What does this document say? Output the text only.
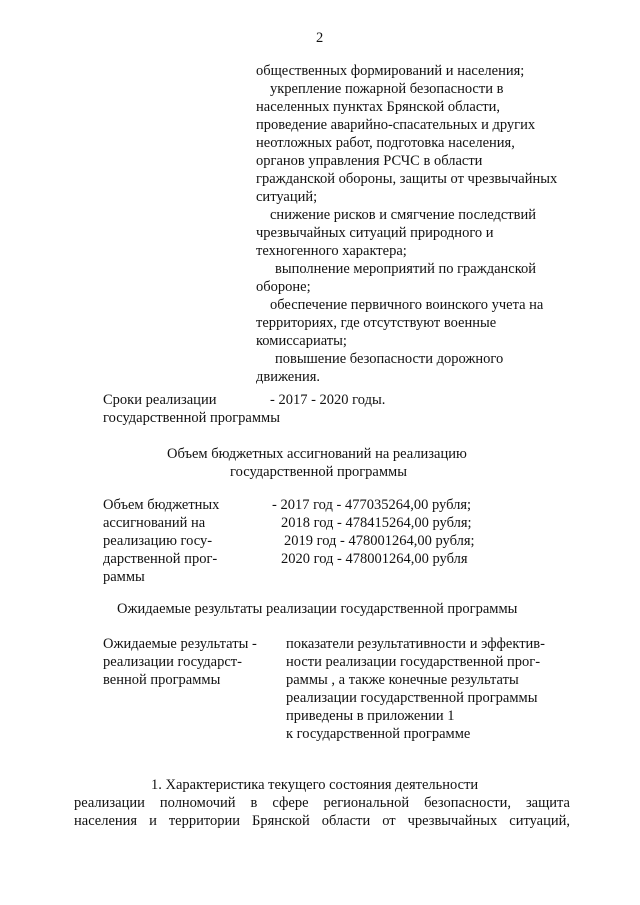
2
общественных формирований и населения;
укрепление пожарной безопасности в
населенных пунктах Брянской области,
проведение аварийно-спасательных и других
неотложных работ, подготовка населения,
органов управления РСЧС в области
гражданской обороны, защиты от чрезвычайных
ситуаций;
снижение рисков и смягчение последствий
чрезвычайных ситуаций природного и
техногенного характера;
выполнение мероприятий по гражданской
обороне;
обеспечение первичного воинского учета на
территориях, где отсутствуют военные
комиссариаты;
повышение безопасности дорожного
движения.
Сроки реализации
государственной программы
- 2017 - 2020 годы.
Объем бюджетных ассигнований на реализацию
государственной программы
Объем бюджетных
ассигнований на
реализацию госу-
дарственной прог-
раммы
- 2017 год - 477035264,00 рубля;
2018 год - 478415264,00 рубля;
2019 год - 478001264,00 рубля;
2020 год - 478001264,00 рубля
Ожидаемые результаты реализации государственной программы
Ожидаемые результаты -
реализации государст-
венной программы
показатели результативности и эффектив-
ности реализации государственной прог-
раммы , а также конечные результаты
реализации государственной программы
приведены в приложении 1
к государственной программе
1. Характеристика текущего состояния деятельности
реализации полномочий в сфере региональной безопасности, защита
населения и территории Брянской области от чрезвычайных ситуаций,
